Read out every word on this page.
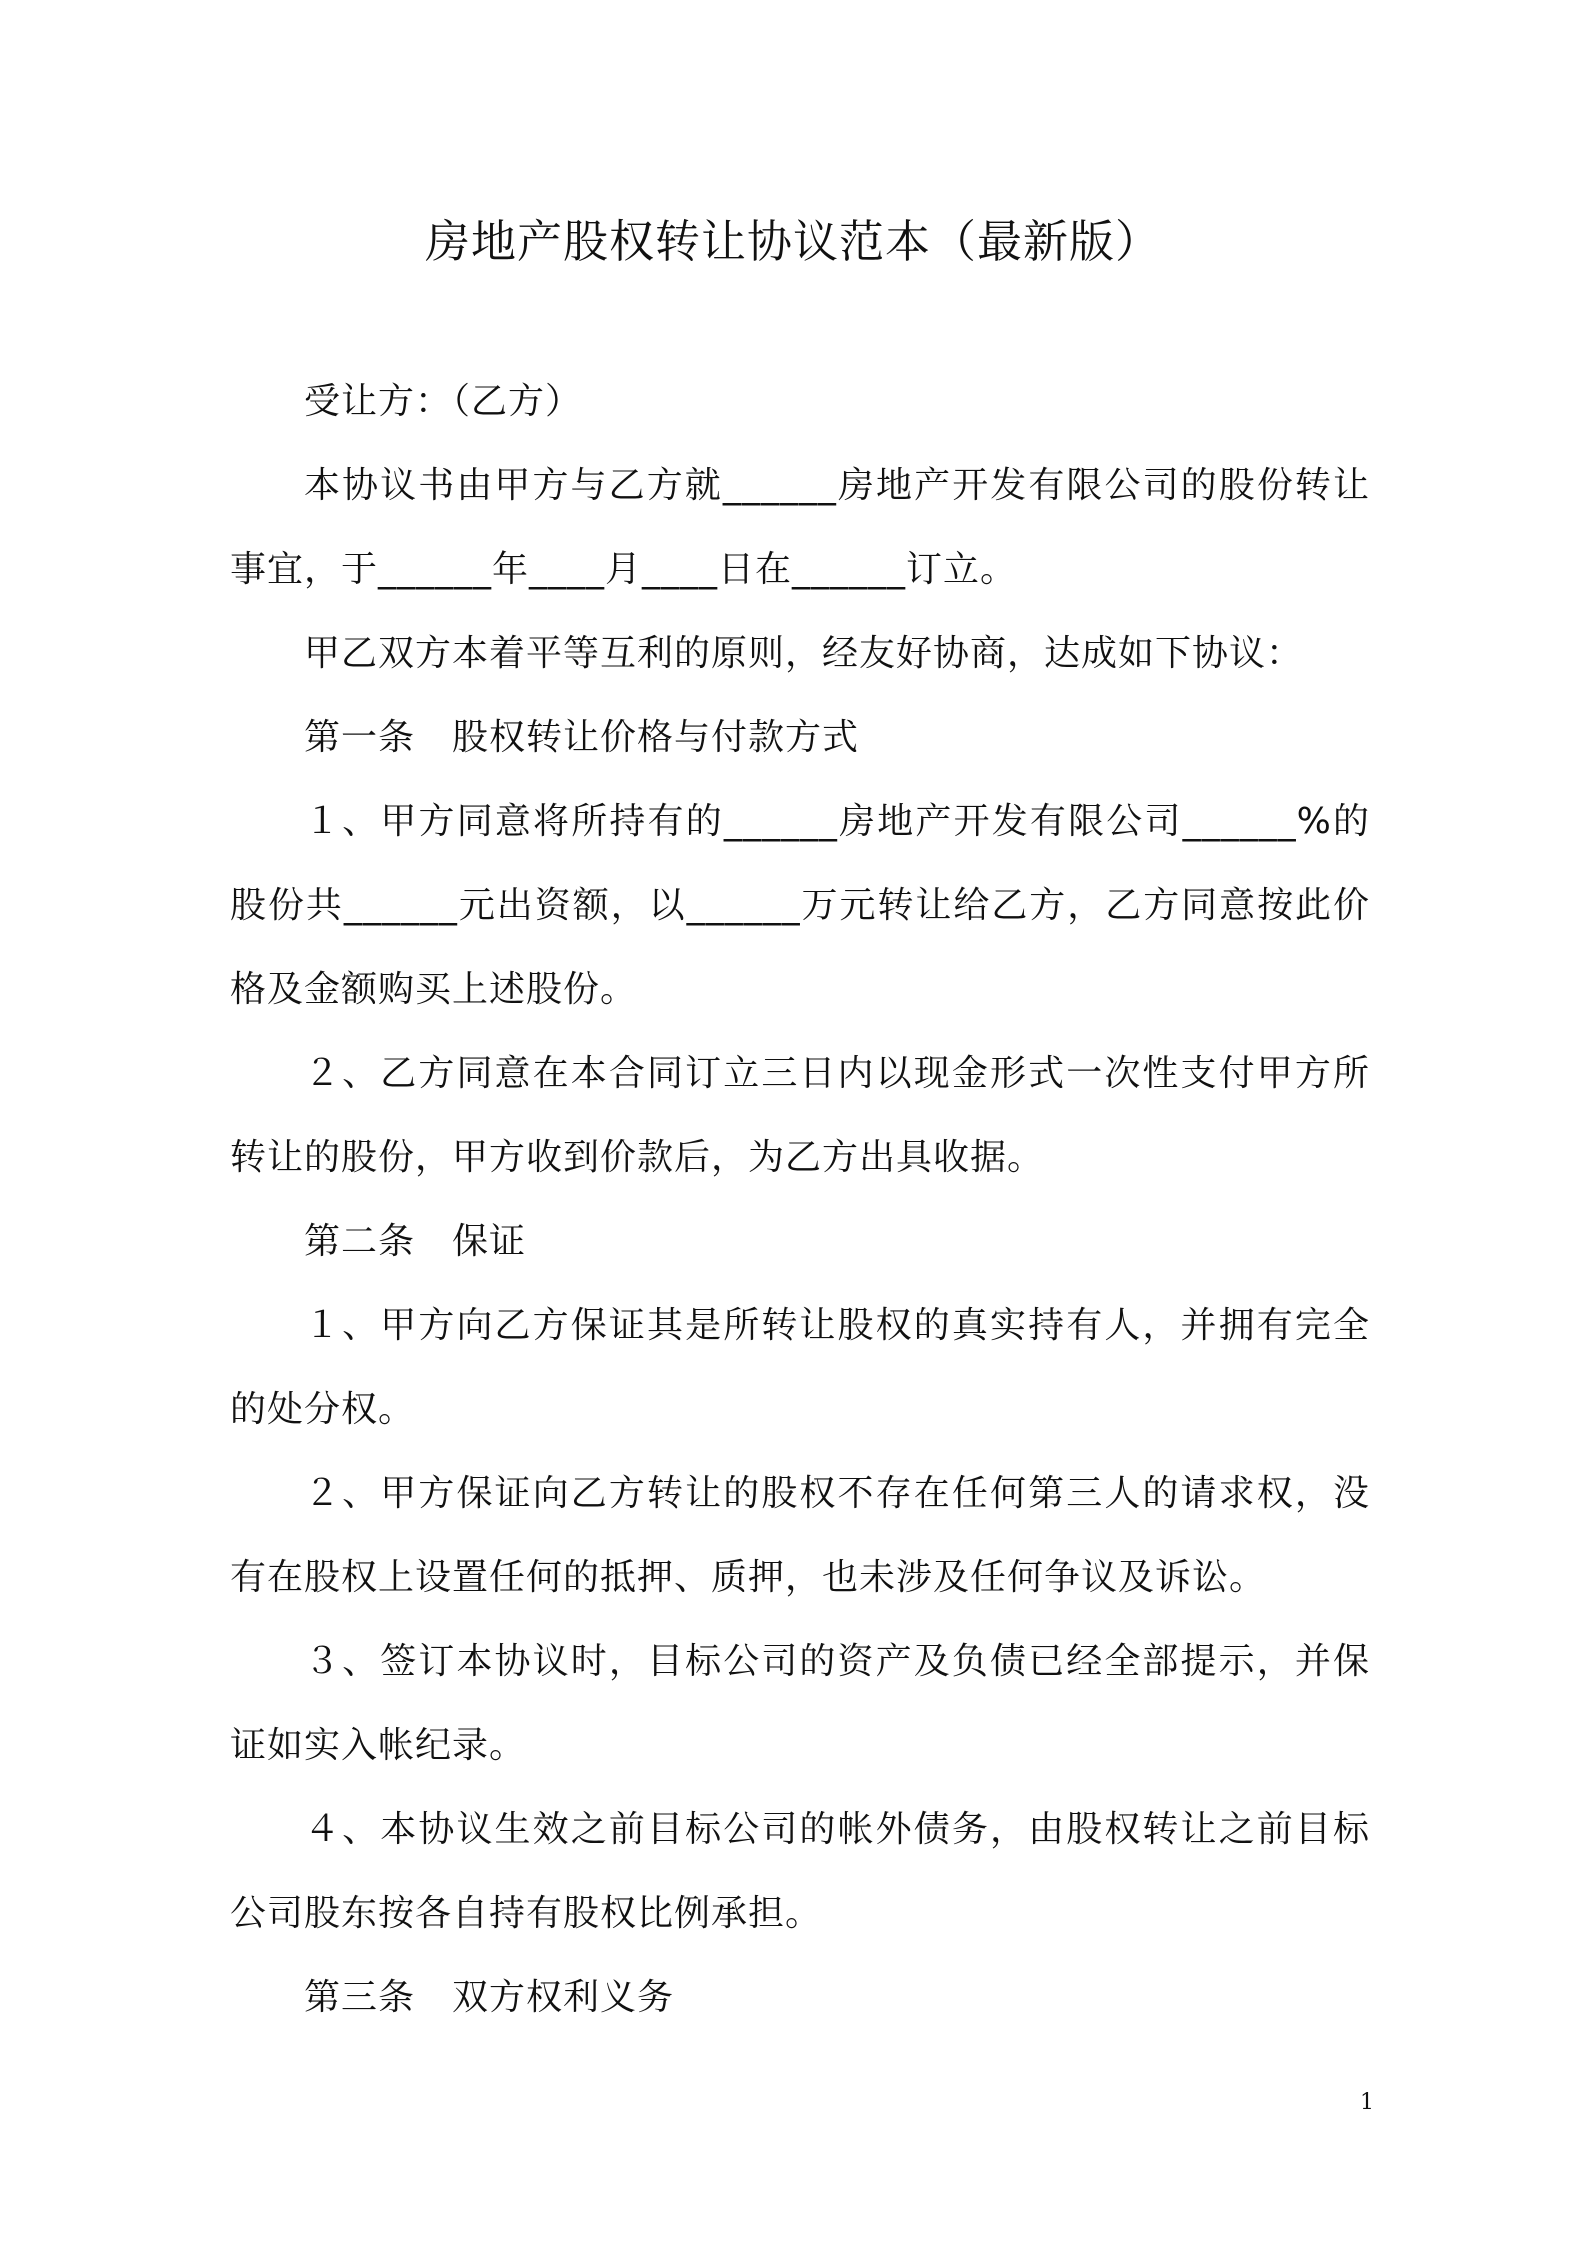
房地产股权转让协议范本（最新版）

受让方：（乙方）

本协议书由甲方与乙方就______房地产开发有限公司的股份转让事宜，于______年____月____日在______订立。

甲乙双方本着平等互利的原则，经友好协商，达成如下协议：

第一条　股权转让价格与付款方式

１、甲方同意将所持有的______房地产开发有限公司______%的股份共______元出资额，以______万元转让给乙方，乙方同意按此价格及金额购买上述股份。

２、乙方同意在本合同订立三日内以现金形式一次性支付甲方所转让的股份，甲方收到价款后，为乙方出具收据。

第二条　保证

１、甲方向乙方保证其是所转让股权的真实持有人，并拥有完全的处分权。

２、甲方保证向乙方转让的股权不存在任何第三人的请求权，没有在股权上设置任何的抵押、质押，也未涉及任何争议及诉讼。

３、签订本协议时，目标公司的资产及负债已经全部提示，并保证如实入帐纪录。

４、本协议生效之前目标公司的帐外债务，由股权转让之前目标公司股东按各自持有股权比例承担。

第三条　双方权利义务

1
